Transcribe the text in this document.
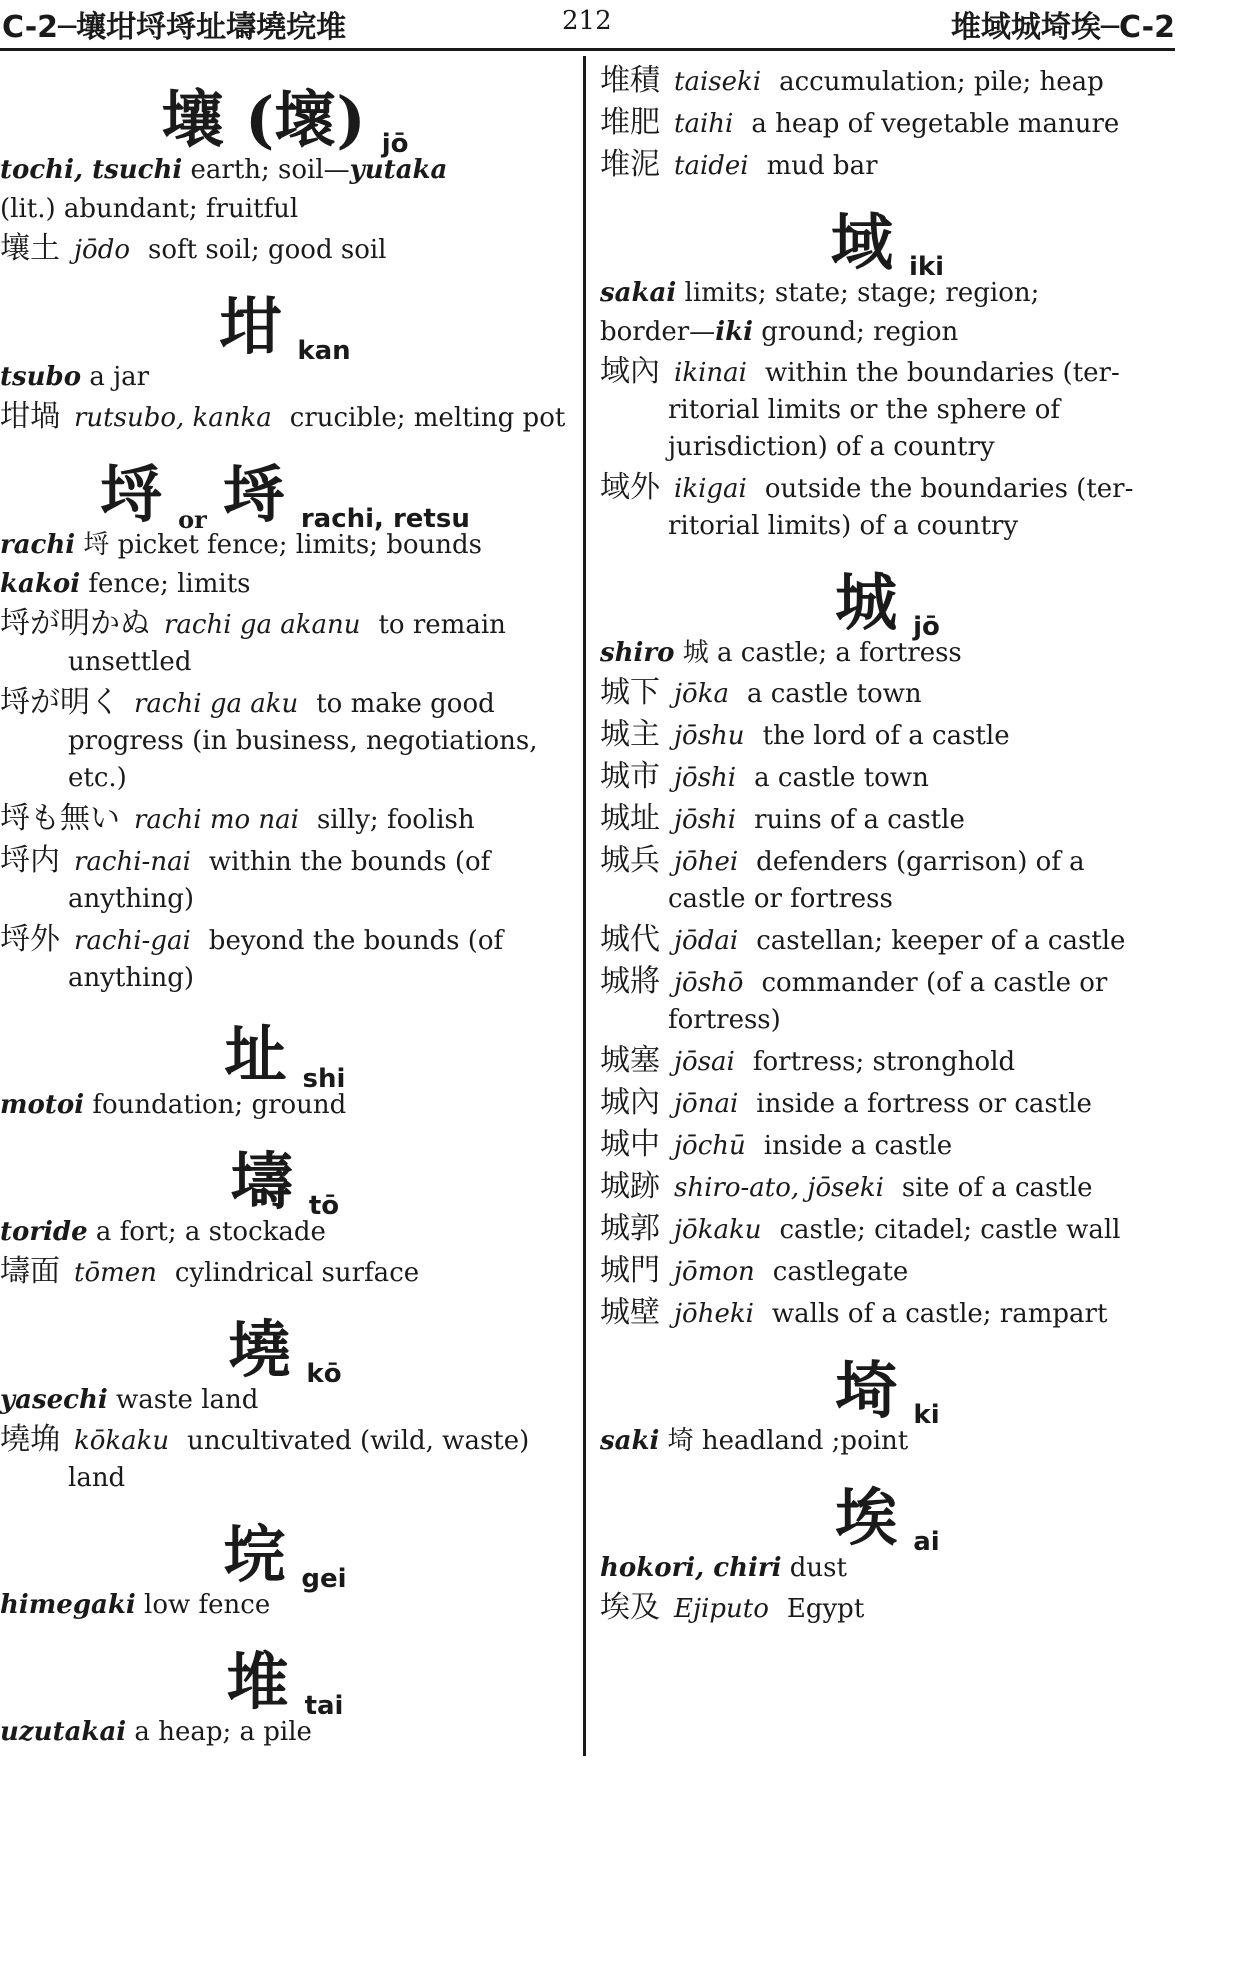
C-2─壤坩埒埓址壔墝垸堆	212	堆域城埼埃─C-2
壤 (壞) jō
tochi, tsuchi earth; soil—yutaka
(lit.) abundant; fruitful
壤土 jōdo soft soil; good soil
坩kan
tsubo a jar
坩堝 rutsubo, kanka crucible; melting pot
埒or 埓 rachi, retsu
rachi 埒 picket fence; limits; bounds
kakoi fence; limits
埒が明かぬ rachi ga akanu to remain
unsettled
埒が明く rachi ga aku to make good
progress (in business, negotiations, etc.)
埒も無い rachi mo nai silly; foolish
埒内 rachi-nai within the bounds (of
anything)
埒外 rachi-gai beyond the bounds (of
anything)
址shi
motoi foundation; ground
壔tō
toride a fort; a stockade
壔面 tōmen cylindrical surface
墝kō
yasechi waste land
墝埆 kōkaku uncultivated (wild, waste)
land
垸gei
himegaki low fence
堆tai
uzutakai a heap; a pile
堆積 taiseki accumulation; pile; heap
堆肥 taihi a heap of vegetable manure
堆泥 taidei mud bar
域iki
sakai limits; state; stage; region;
border—iki ground; region
域內 ikinai within the boundaries (ter-
ritorial limits or the sphere of jurisdiction) of a country
域外 ikigai outside the boundaries (ter-
ritorial limits) of a country
城jō
shiro 城 a castle; a fortress
城下 jōka a castle town
城主 jōshu the lord of a castle
城市 jōshi a castle town
城址 jōshi ruins of a castle
城兵 jōhei defenders (garrison) of a
castle or fortress
城代 jōdai castellan; keeper of a castle
城將 jōshō commander (of a castle or
fortress)
城塞 jōsai fortress; stronghold
城內 jōnai inside a fortress or castle
城中 jōchū inside a castle
城跡 shiro-ato, jōseki site of a castle
城郭 jōkaku castle; citadel; castle wall
城門 jōmon castlegate
城壁 jōheki walls of a castle; rampart
埼ki
saki 埼 headland ;point
埃ai
hokori, chiri dust
埃及 Ejiputo Egypt
